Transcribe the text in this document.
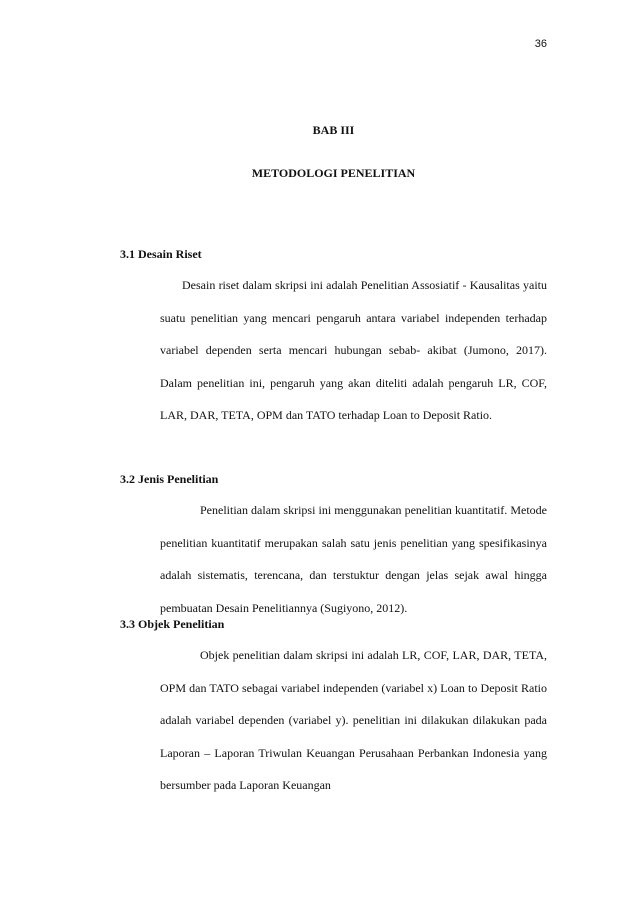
36
BAB III
METODOLOGI PENELITIAN
3.1 Desain Riset

Desain riset dalam skripsi ini adalah Penelitian Assosiatif - Kausalitas yaitu suatu penelitian yang mencari pengaruh antara variabel independen terhadap variabel dependen serta mencari hubungan sebab- akibat (Jumono, 2017). Dalam penelitian ini, pengaruh yang akan diteliti adalah pengaruh LR, COF, LAR, DAR, TETA, OPM dan TATO terhadap Loan to Deposit Ratio.

3.2 Jenis Penelitian

Penelitian dalam skripsi ini menggunakan penelitian kuantitatif. Metode penelitian kuantitatif merupakan salah satu jenis penelitian yang spesifikasinya adalah sistematis, terencana, dan terstuktur dengan jelas sejak awal hingga pembuatan Desain Penelitiannya (Sugiyono, 2012).

3.3 Objek Penelitian

Objek penelitian dalam skripsi ini adalah LR, COF, LAR, DAR, TETA, OPM dan TATO sebagai variabel independen (variabel x) Loan to Deposit Ratio adalah variabel dependen (variabel y). penelitian ini dilakukan dilakukan pada Laporan – Laporan Triwulan Keuangan Perusahaan Perbankan Indonesia yang bersumber pada Laporan Keuangan
